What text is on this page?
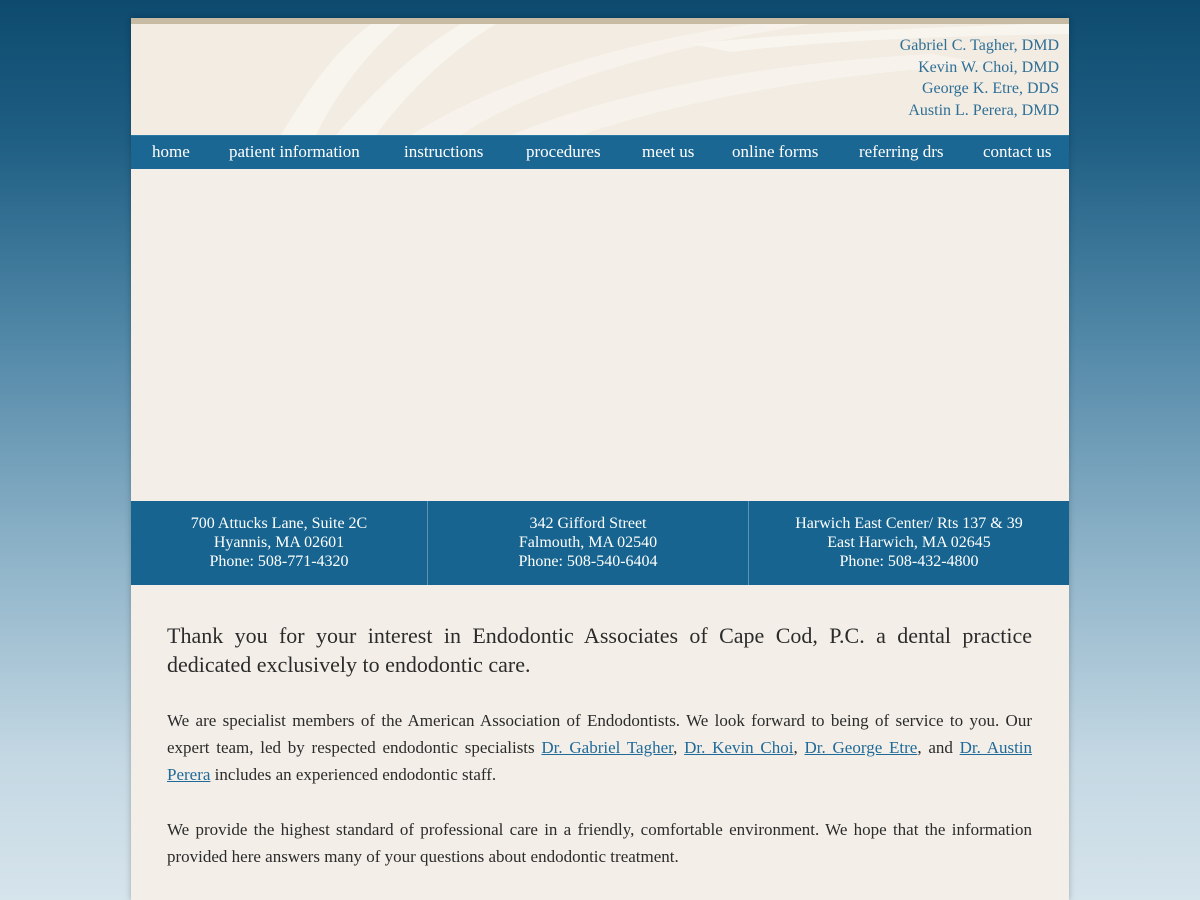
Gabriel C. Tagher, DMD
Kevin W. Choi, DMD
George K. Etre, DDS
Austin L. Perera, DMD
home patient information	instructions	procedures meet us online forms referring drs contact us
700 Attucks Lane, Suite 2C
Hyannis, MA 02601
Phone: 508-771-4320
342 Gifford Street
Falmouth, MA 02540
Phone: 508-540-6404
Harwich East Center/ Rts 137 & 39
East Harwich, MA 02645
Phone: 508-432-4800

Thank you for your interest in Endodontic Associates of Cape Cod, P.C. a dental practice dedicated exclusively to endodontic care.

We are specialist members of the American Association of Endodontists. We look forward to being of service to you. Our expert team, led by respected endodontic specialists Dr. Gabriel Tagher, Dr. Kevin Choi, Dr. George Etre, and Dr. Austin Perera includes an experienced endodontic staff.

We provide the highest standard of professional care in a friendly, comfortable environment. We hope that the information provided here answers many of your questions about endodontic treatment.
